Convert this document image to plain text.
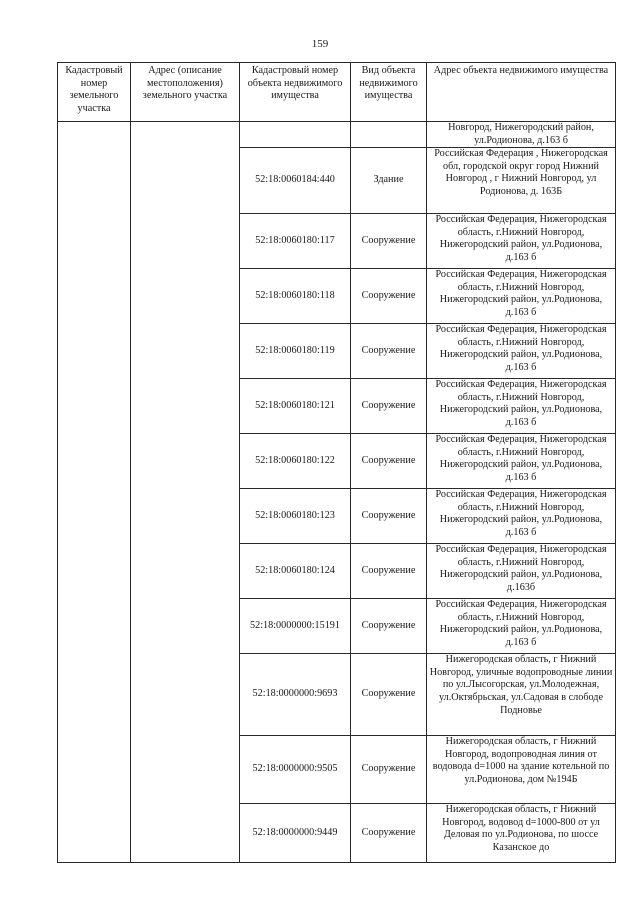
159
Кадастровый номер земельного участка	Адрес (описание местоположения) земельного участка	Кадастровый номер объекта недвижимого имущества	Вид объекта недвижимого имущества	Адрес объекта недвижимого имущества
				Новгород, Нижегородский район, ул.Родионова, д.163 б
		52:18:0060184:440	Здание	Российская Федерация , Нижегородская обл, городской округ город Нижний Новгород , г Нижний Новгород, ул Родионова, д. 163Б
		52:18:0060180:117	Сооружение	Российская Федерация, Нижегородская область, г.Нижний Новгород, Нижегородский район, ул.Родионова, д.163 б
		52:18:0060180:118	Сооружение	Российская Федерация, Нижегородская область, г.Нижний Новгород, Нижегородский район, ул.Родионова, д.163 б
		52:18:0060180:119	Сооружение	Российская Федерация, Нижегородская область, г.Нижний Новгород, Нижегородский район, ул.Родионова, д.163 б
		52:18:0060180:121	Сооружение	Российская Федерация, Нижегородская область, г.Нижний Новгород, Нижегородский район, ул.Родионова, д.163 б
		52:18:0060180:122	Сооружение	Российская Федерация, Нижегородская область, г.Нижний Новгород, Нижегородский район, ул.Родионова, д.163 б
		52:18:0060180:123	Сооружение	Российская Федерация, Нижегородская область, г.Нижний Новгород, Нижегородский район, ул.Родионова, д.163 б
		52:18:0060180:124	Сооружение	Российская Федерация, Нижегородская область, г.Нижний Новгород, Нижегородский район, ул.Родионова, д.163б
		52:18:0000000:15191	Сооружение	Российская Федерация, Нижегородская область, г.Нижний Новгород, Нижегородский район, ул.Родионова, д.163 б
		52:18:0000000:9693	Сооружение	Нижегородская область, г Нижний Новгород, уличные водопроводные линии по ул.Лысогорская, ул.Молодежная, ул.Октябрьская, ул.Садовая в слободе Подновье
		52:18:0000000:9505	Сооружение	Нижегородская область, г Нижний Новгород, водопроводная линия от водовода d=1000 на здание котельной по ул.Родионова, дом №194Б
		52:18:0000000:9449	Сооружение	Нижегородская область, г Нижний Новгород, водовод d=1000-800 от ул Деловая по ул.Родионова, по шоссе Казанское до
